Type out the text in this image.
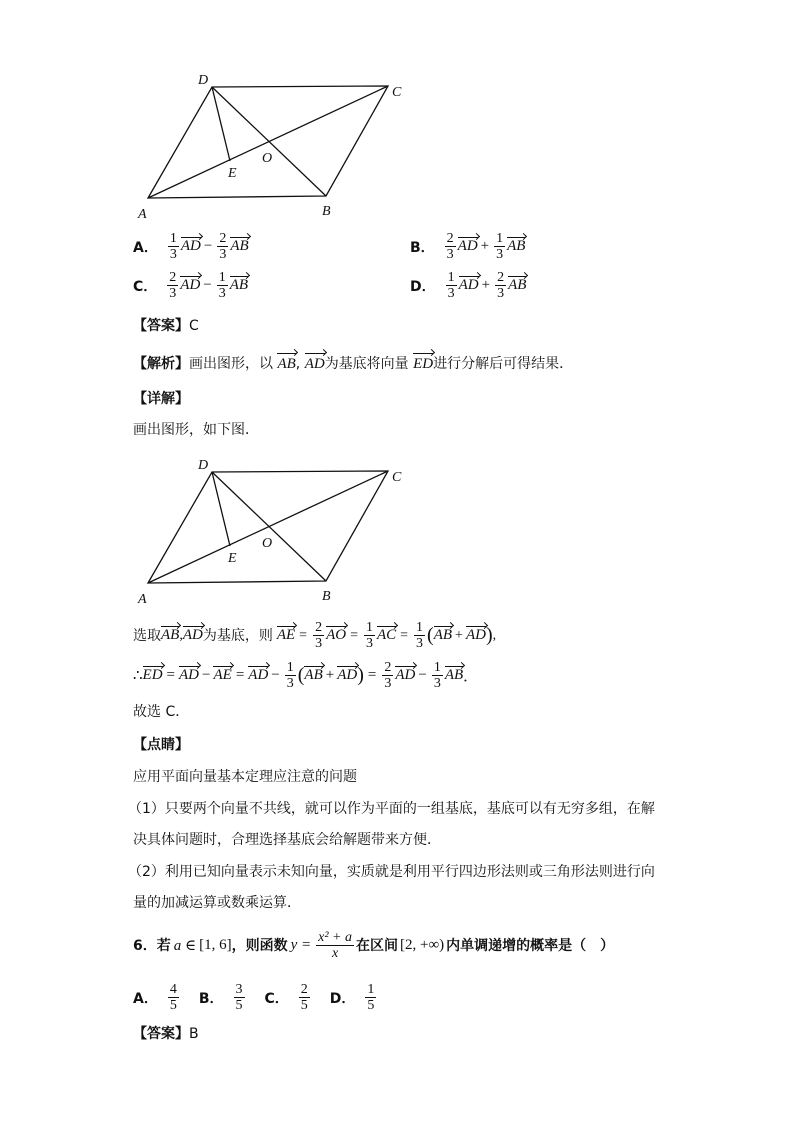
D
C
O
E
A	B
A． $\frac{1}{3}$ AD − $\frac{2}{3}$ AB	B． $\frac{2}{3}$ AD + $\frac{1}{3}$ AB
C． $\frac{2}{3}$ AD − $\frac{1}{3}$ AB	D． $\frac{1}{3}$ AD + $\frac{2}{3}$ AB
【答案】C
【解析】画出图形，以 AB, AD为基底将向量 ED进行分解后可得结果．
【详解】
画出图形，如下图．
D
C
O
E
A	B
选取 AB , AD 为基底，则 AE = $\frac{2}{3}$ AO = $\frac{1}{3}$ AC = $\frac{1}{3}$ ( AB + AD ) ,
∴ ED = AD − AE = AD − $\frac{1}{3}$ ( AB + AD ) = $\frac{2}{3}$ AD − $\frac{1}{3}$ AB ．
故选 C．
【点睛】
应用平面向量基本定理应注意的问题
（1）只要两个向量不共线，就可以作为平面的一组基底，基底可以有无穷多组，在解
决具体问题时，合理选择基底会给解题带来方便．
（2）利用已知向量表示未知向量，实质就是利用平行四边形法则或三角形法则进行向
量的加减运算或数乘运算．
6．若 a ∈ [1, 6] ，则函数 $y = \frac{\text{x² + a}}{x}$ 在区间 [2, +∞) 内单调递增的概率是（　）
A． $\frac{4}{5}$ B． $\frac{3}{5}$ C． $\frac{2}{5}$ D． $\frac{1}{5}$
【答案】B
